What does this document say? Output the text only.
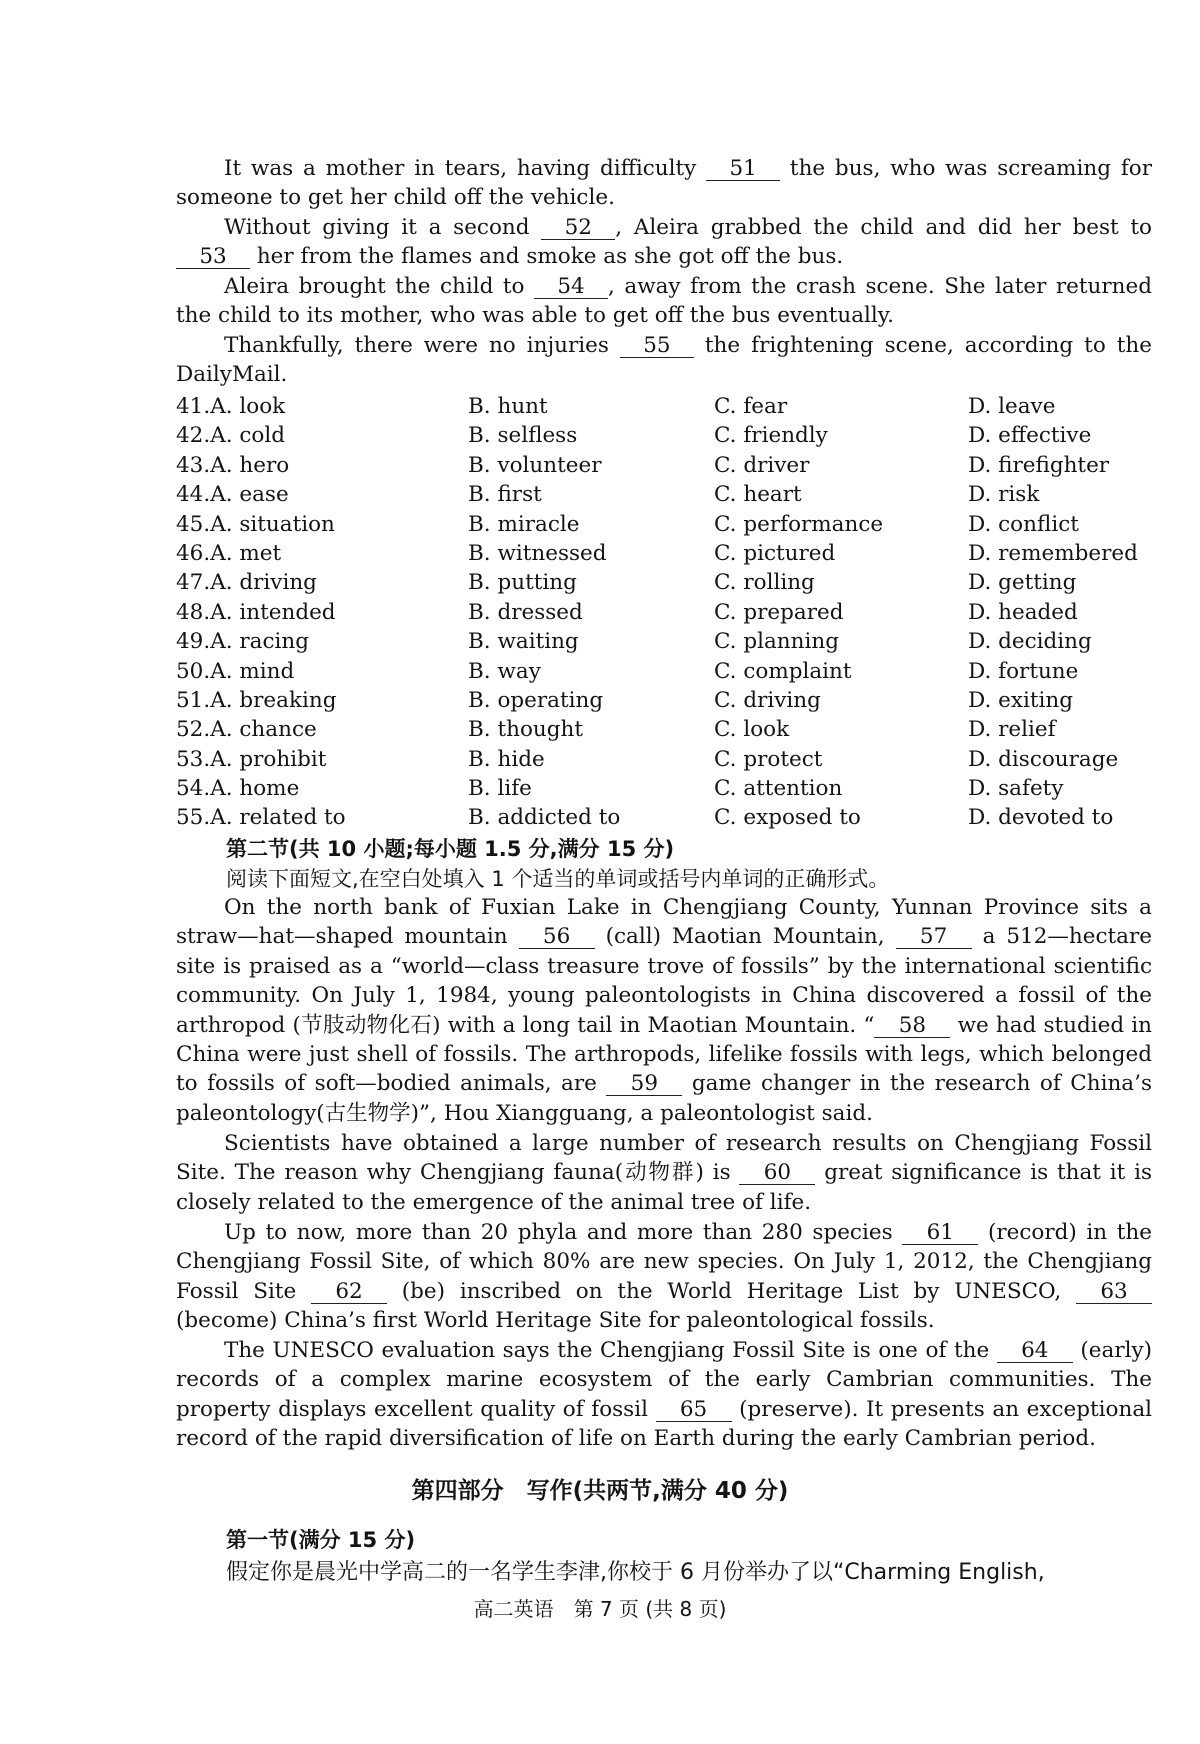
It was a mother in tears, having difficulty 51 the bus, who was screaming for someone to get her child off the vehicle.

Without giving it a second 52 , Aleira grabbed the child and did her best to 53 her from the flames and smoke as she got off the bus.

Aleira brought the child to 54 , away from the crash scene. She later returned the child to its mother, who was able to get off the bus eventually.

Thankfully, there were no injuries 55 the frightening scene, according to the DailyMail.

41.A. look	B. hunt	C. fear	D. leave
42.A. cold	B. selfless	C. friendly	D. effective
43.A. hero	B. volunteer	C. driver	D. firefighter
44.A. ease	B. first	C. heart	D. risk
45.A. situation	B. miracle	C. performance	D. conflict
46.A. met	B. witnessed	C. pictured	D. remembered
47.A. driving	B. putting	C. rolling	D. getting
48.A. intended	B. dressed	C. prepared	D. headed
49.A. racing	B. waiting	C. planning	D. deciding
50.A. mind	B. way	C. complaint	D. fortune
51.A. breaking	B. operating	C. driving	D. exiting
52.A. chance	B. thought	C. look	D. relief
53.A. prohibit	B. hide	C. protect	D. discourage
54.A. home	B. life	C. attention	D. safety
55.A. related to	B. addicted to	C. exposed to	D. devoted to
第二节(共 10 小题;每小题 1.5 分,满分 15 分)
阅读下面短文,在空白处填入 1 个适当的单词或括号内单词的正确形式。

On the north bank of Fuxian Lake in Chengjiang County, Yunnan Province sits a straw—hat—shaped mountain 56 (call) Maotian Mountain, 57 a 512—hectare site is praised as a “world—class treasure trove of fossils” by the international scientific community. On July 1, 1984, young paleontologists in China discovered a fossil of the arthropod (节肢动物化石) with a long tail in Maotian Mountain. “ 58 we had studied in China were just shell of fossils. The arthropods, lifelike fossils with legs, which belonged to fossils of soft—bodied animals, are 59 game changer in the research of China’s paleontology(古生物学)”, Hou Xiangguang, a paleontologist said.

Scientists have obtained a large number of research results on Chengjiang Fossil Site. The reason why Chengjiang fauna(动物群) is 60 great significance is that it is closely related to the emergence of the animal tree of life.

Up to now, more than 20 phyla and more than 280 species 61 (record) in the Chengjiang Fossil Site, of which 80% are new species. On July 1, 2012, the Chengjiang Fossil Site 62 (be) inscribed on the World Heritage List by UNESCO, 63 (become) China’s first World Heritage Site for paleontological fossils.

The UNESCO evaluation says the Chengjiang Fossil Site is one of the 64 (early) records of a complex marine ecosystem of the early Cambrian communities. The property displays excellent quality of fossil 65 (preserve). It presents an exceptional record of the rapid diversification of life on Earth during the early Cambrian period.

第四部分　写作(共两节,满分 40 分)
第一节(满分 15 分)
假定你是晨光中学高二的一名学生李津,你校于 6 月份举办了以“Charming English,
高二英语　第 7 页 (共 8 页)
